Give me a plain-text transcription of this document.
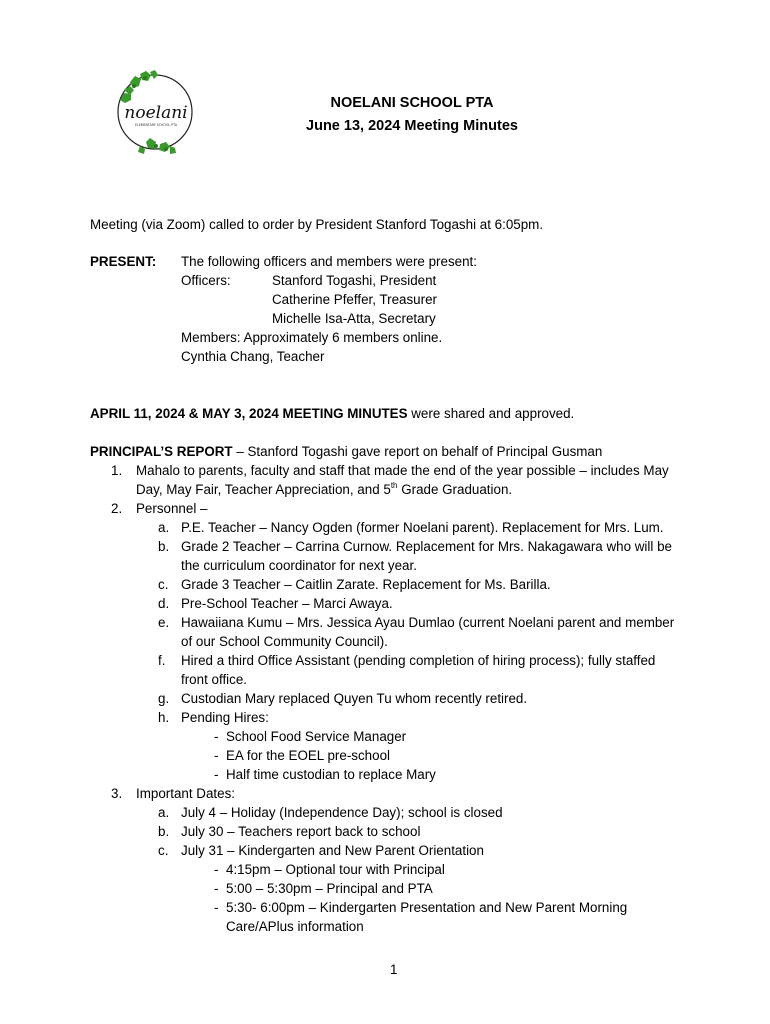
noelani
ELEMENTARY SCHOOL PTA
NOELANI SCHOOL PTA
June 13, 2024 Meeting Minutes
Meeting (via Zoom) called to order by President Stanford Togashi at 6:05pm.
PRESENT: The following officers and members were present:
Officers:	Stanford Togashi, President
Catherine Pfeffer, Treasurer
Michelle Isa-Atta, Secretary
Members: Approximately 6 members online.
Cynthia Chang, Teacher
APRIL 11, 2024 & MAY 3, 2024 MEETING MINUTES were shared and approved.
PRINCIPAL’S REPORT – Stanford Togashi gave report on behalf of Principal Gusman
1. Mahalo to parents, faculty and staff that made the end of the year possible – includes May
Day, May Fair, Teacher Appreciation, and 5th Grade Graduation.
2. Personnel –
a. P.E. Teacher – Nancy Ogden (former Noelani parent). Replacement for Mrs. Lum.
b. Grade 2 Teacher – Carrina Curnow. Replacement for Mrs. Nakagawara who will be
the curriculum coordinator for next year.
c. Grade 3 Teacher – Caitlin Zarate. Replacement for Ms. Barilla.
d. Pre-School Teacher – Marci Awaya.
e. Hawaiiana Kumu – Mrs. Jessica Ayau Dumlao (current Noelani parent and member
of our School Community Council).
f. Hired a third Office Assistant (pending completion of hiring process); fully staffed
front office.
g. Custodian Mary replaced Quyen Tu whom recently retired.
h. Pending Hires:
- School Food Service Manager
- EA for the EOEL pre-school
- Half time custodian to replace Mary
3. Important Dates:
a. July 4 – Holiday (Independence Day); school is closed
b. July 30 – Teachers report back to school
c. July 31 – Kindergarten and New Parent Orientation
- 4:15pm – Optional tour with Principal
- 5:00 – 5:30pm – Principal and PTA
- 5:30- 6:00pm – Kindergarten Presentation and New Parent Morning
Care/APlus information
1
